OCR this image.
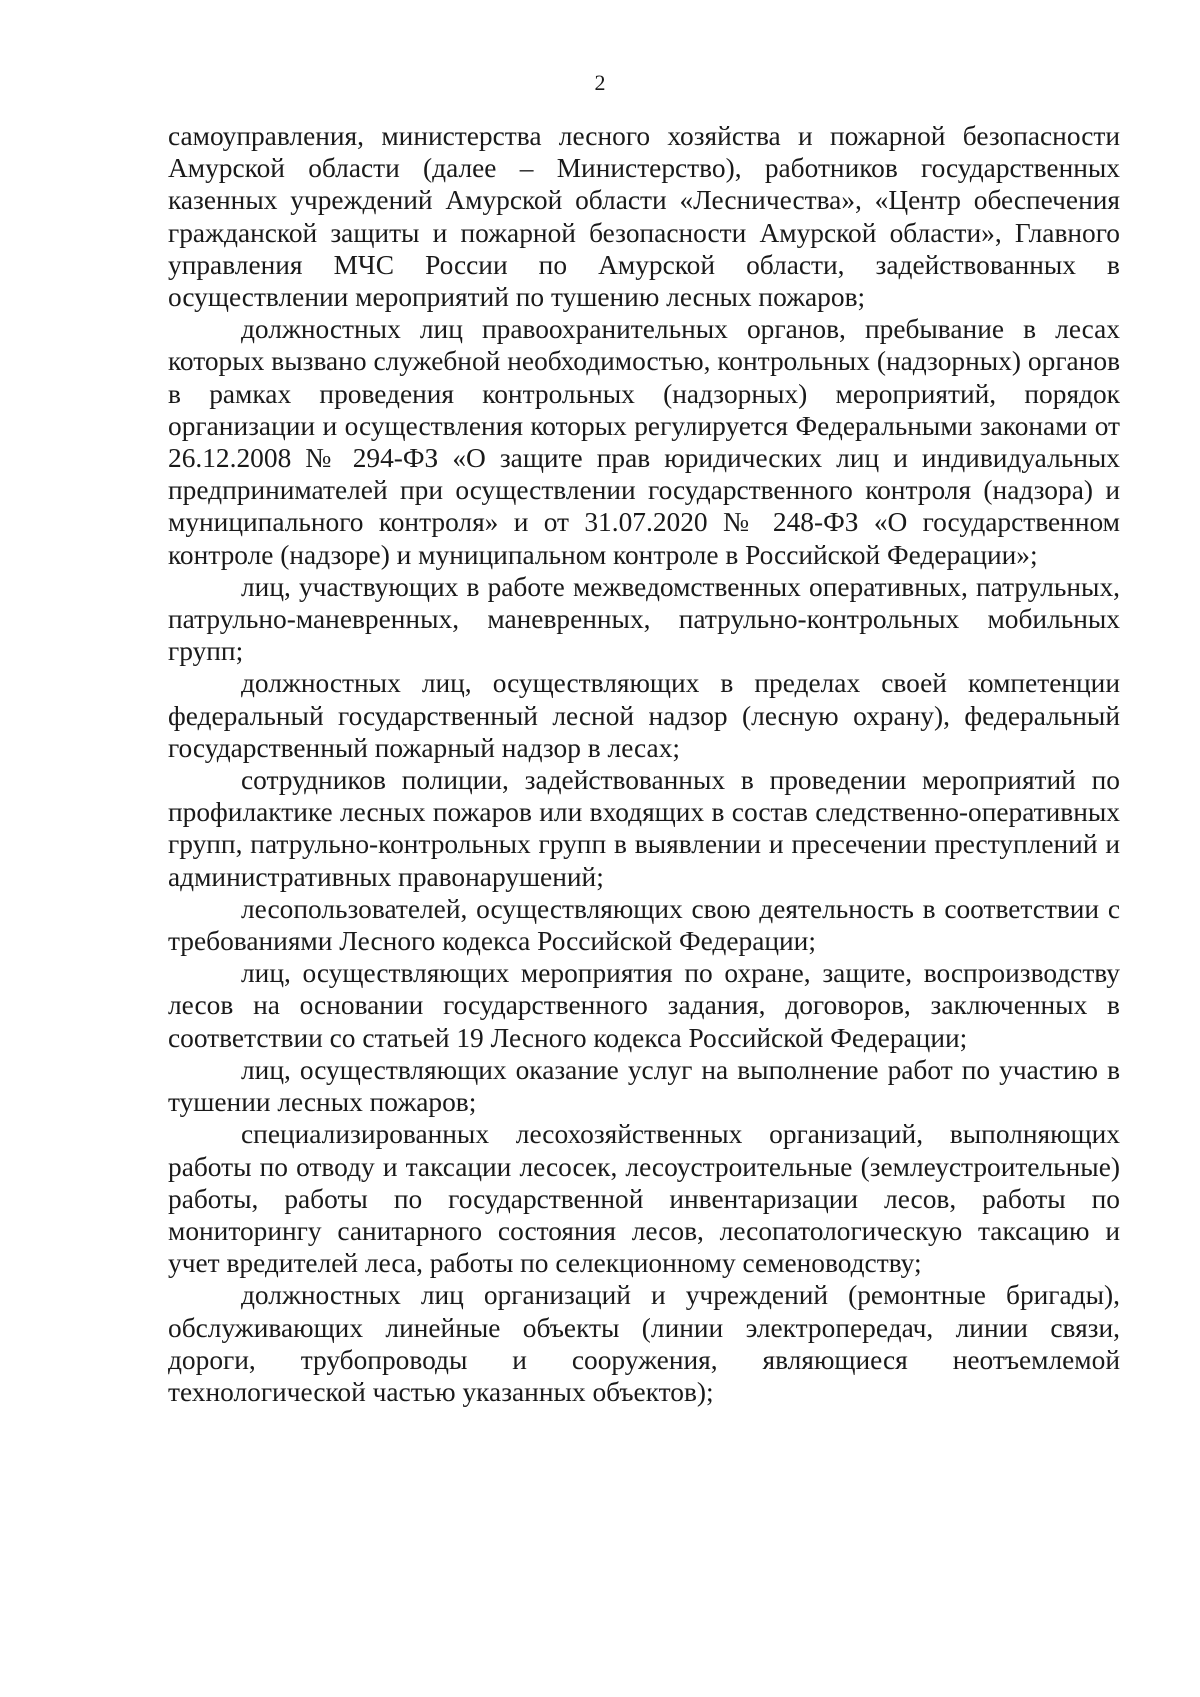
2

самоуправления, министерства лесного хозяйства и пожарной безопасности Амурской области (далее – Министерство), работников государственных казенных учреждений Амурской области «Лесничества», «Центр обеспечения гражданской защиты и пожарной безопасности Амурской области», Главного управления МЧС России по Амурской области, задействованных в осуществлении мероприятий по тушению лесных пожаров;

должностных лиц правоохранительных органов, пребывание в лесах которых вызвано служебной необходимостью, контрольных (надзорных) органов в рамках проведения контрольных (надзорных) мероприятий, порядок организации и осуществления которых регулируется Федеральными законами от 26.12.2008 № 294-ФЗ «О защите прав юридических лиц и индивидуальных предпринимателей при осуществлении государственного контроля (надзора) и муниципального контроля» и от 31.07.2020 № 248-ФЗ «О государственном контроле (надзоре) и муниципальном контроле в Российской Федерации»;

лиц, участвующих в работе межведомственных оперативных, патрульных, патрульно-маневренных, маневренных, патрульно-контрольных мобильных групп;

должностных лиц, осуществляющих в пределах своей компетенции федеральный государственный лесной надзор (лесную охрану), федеральный государственный пожарный надзор в лесах;

сотрудников полиции, задействованных в проведении мероприятий по профилактике лесных пожаров или входящих в состав следственно-оперативных групп, патрульно-контрольных групп в выявлении и пресечении преступлений и административных правонарушений;

лесопользователей, осуществляющих свою деятельность в соответствии с требованиями Лесного кодекса Российской Федерации;

лиц, осуществляющих мероприятия по охране, защите, воспроизводству лесов на основании государственного задания, договоров, заключенных в соответствии со статьей 19 Лесного кодекса Российской Федерации;

лиц, осуществляющих оказание услуг на выполнение работ по участию в тушении лесных пожаров;

специализированных лесохозяйственных организаций, выполняющих работы по отводу и таксации лесосек, лесоустроительные (землеустроительные) работы, работы по государственной инвентаризации лесов, работы по мониторингу санитарного состояния лесов, лесопатологическую таксацию и учет вредителей леса, работы по селекционному семеноводству;

должностных лиц организаций и учреждений (ремонтные бригады), обслуживающих линейные объекты (линии электропередач, линии связи, дороги, трубопроводы и сооружения, являющиеся неотъемлемой технологической частью указанных объектов);
